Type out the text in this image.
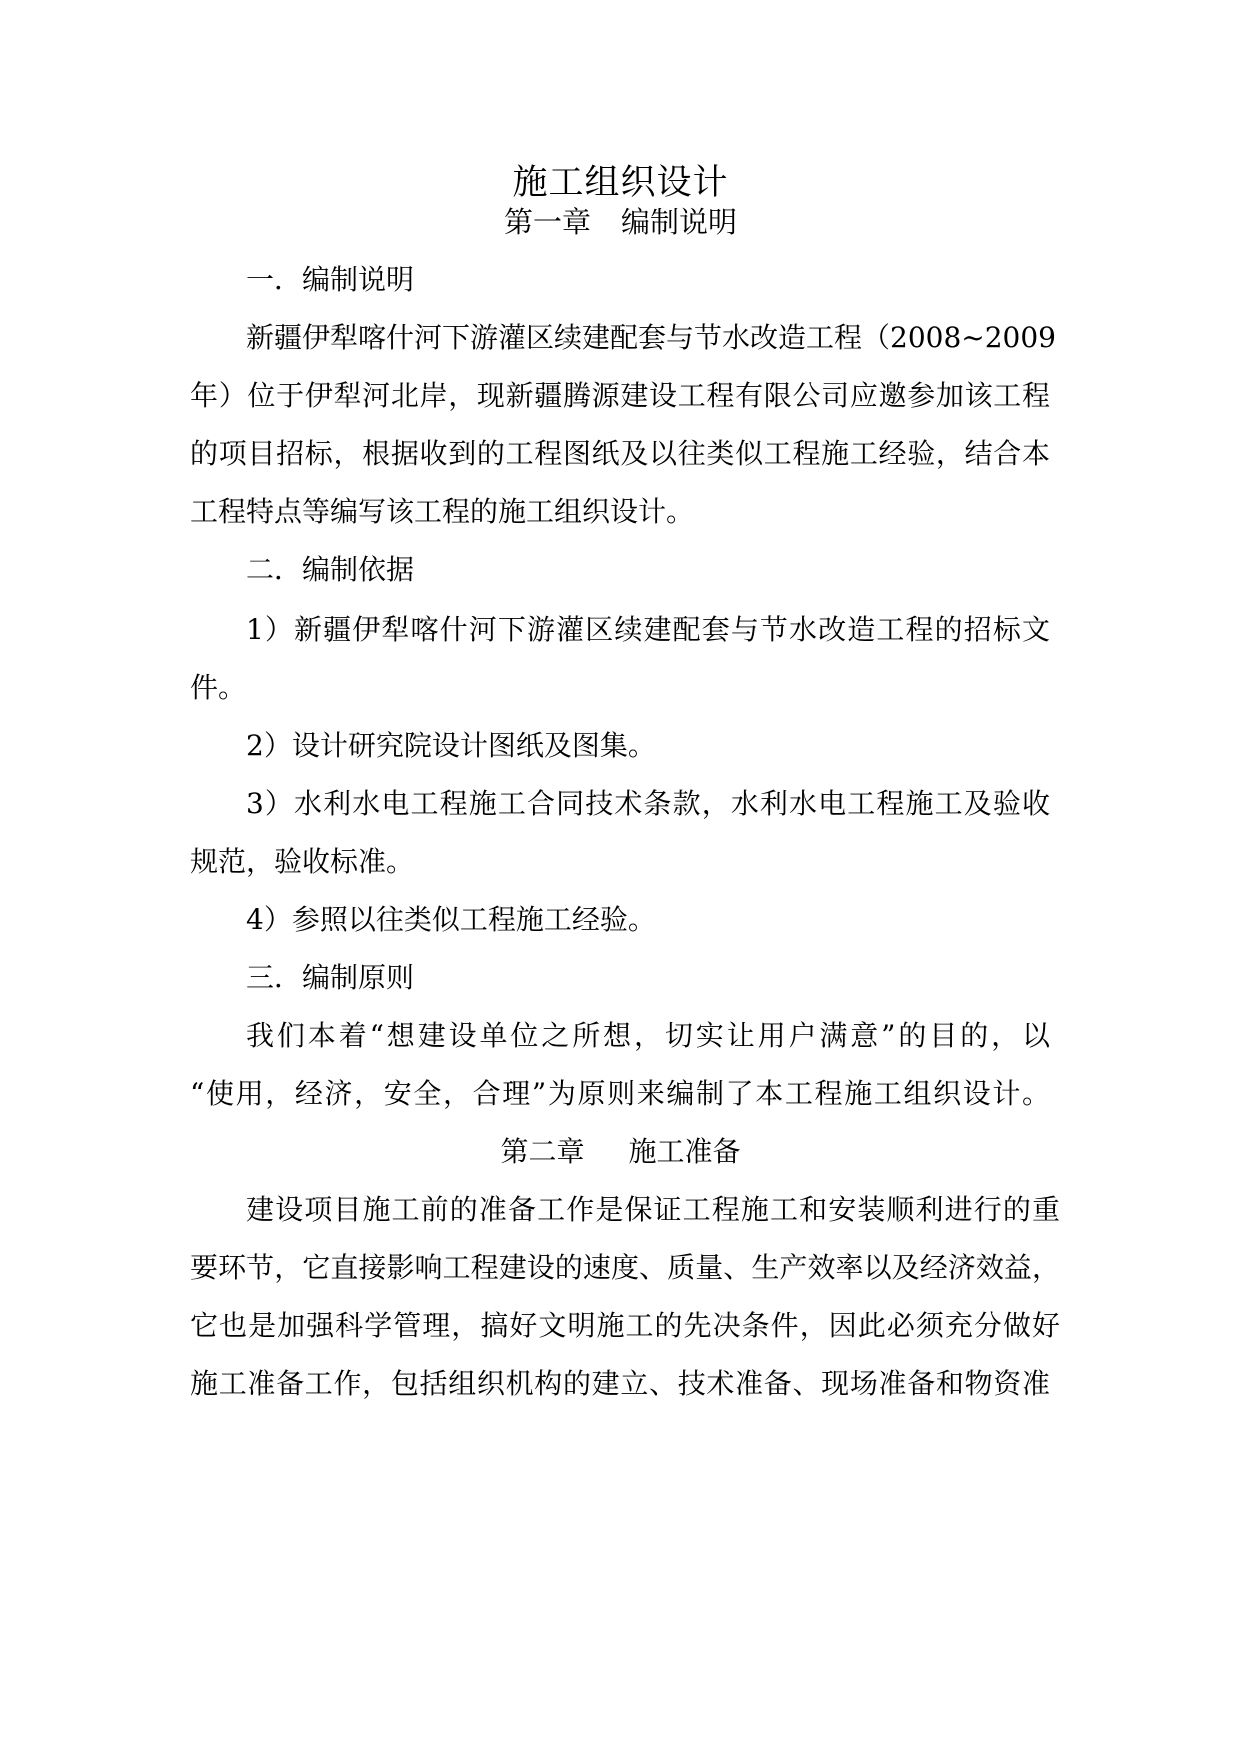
施工组织设计
第一章 编制说明
一．编制说明
新疆伊犁喀什河下游灌区续建配套与节水改造工程（2008~2009
年）位于伊犁河北岸，现新疆腾源建设工程有限公司应邀参加该工程
的项目招标，根据收到的工程图纸及以往类似工程施工经验，结合本
工程特点等编写该工程的施工组织设计。
二．编制依据
1）新疆伊犁喀什河下游灌区续建配套与节水改造工程的招标文
件。
2）设计研究院设计图纸及图集。
3）水利水电工程施工合同技术条款，水利水电工程施工及验收
规范，验收标准。
4）参照以往类似工程施工经验。
三．编制原则
我们本着“想建设单位之所想，切实让用户满意”的目的，以
“使用，经济，安全，合理”为原则来编制了本工程施工组织设计。
第二章 施工准备
建设项目施工前的准备工作是保证工程施工和安装顺利进行的重
要环节，它直接影响工程建设的速度、质量、生产效率以及经济效益，
它也是加强科学管理，搞好文明施工的先决条件，因此必须充分做好
施工准备工作，包括组织机构的建立、技术准备、现场准备和物资准
